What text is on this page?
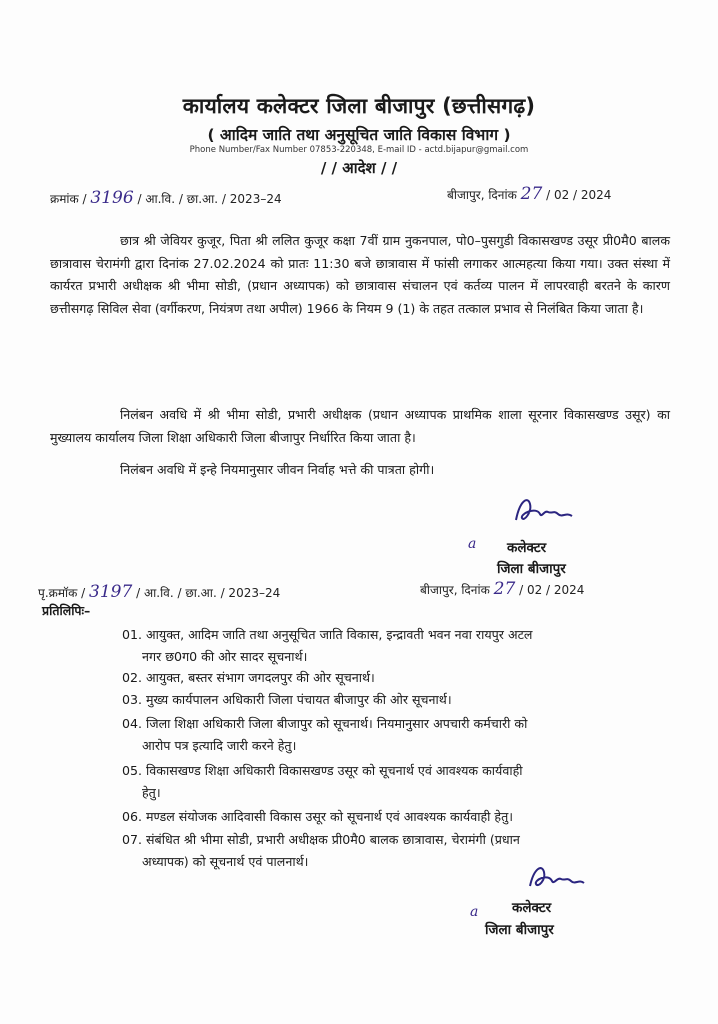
कार्यालय कलेक्टर जिला बीजापुर (छत्तीसगढ़)
( आदिम जाति तथा अनुसूचित जाति विकास विभाग )
Phone Number/Fax Number 07853-220348, E-mail ID - actd.bijapur@gmail.com
/ / आदेश / /
क्रमांक / 3196 / आ.वि. / छा.आ. / 2023–24	बीजापुर, दिनांक 27 / 02 / 2024

छात्र श्री जेवियर कुजूर, पिता श्री ललित कुजूर कक्षा 7वीं ग्राम नुकनपाल, पो0–पुसगुडी विकासखण्ड उसूर प्री0मै0 बालक छात्रावास चेरामंगी द्वारा दिनांक 27.02.2024 को प्रातः 11:30 बजे छात्रावास में फांसी लगाकर आत्महत्या किया गया। उक्त संस्था में कार्यरत प्रभारी अधीक्षक श्री भीमा सोडी, (प्रधान अध्यापक) को छात्रावास संचालन एवं कर्तव्य पालन में लापरवाही बरतने के कारण छत्तीसगढ़ सिविल सेवा (वर्गीकरण, नियंत्रण तथा अपील) 1966 के नियम 9 (1) के तहत तत्काल प्रभाव से निलंबित किया जाता है।

निलंबन अवधि में श्री भीमा सोडी, प्रभारी अधीक्षक (प्रधान अध्यापक प्राथमिक शाला सूरनार विकासखण्ड उसूर) का मुख्यालय कार्यालय जिला शिक्षा अधिकारी जिला बीजापुर निर्धारित किया जाता है।

निलंबन अवधि में इन्हे नियमानुसार जीवन निर्वाह भत्ते की पात्रता होगी।

a कलेक्टर
जिला बीजापुर
पृ.क्रमॉक / 3197 / आ.वि. / छा.आ. / 2023–24	बीजापुर, दिनांक 27 / 02 / 2024
प्रतिलिपिः–
01. आयुक्त, आदिम जाति तथा अनुसूचित जाति विकास, इन्द्रावती भवन नवा रायपुर अटल
नगर छ0ग0 की ओर सादर सूचनार्थ।
02. आयुक्त, बस्तर संभाग जगदलपुर की ओर सूचनार्थ।
03. मुख्य कार्यपालन अधिकारी जिला पंचायत बीजापुर की ओर सूचनार्थ।
04. जिला शिक्षा अधिकारी जिला बीजापुर को सूचनार्थ। नियमानुसार अपचारी कर्मचारी को
आरोप पत्र इत्यादि जारी करने हेतु।
05. विकासखण्ड शिक्षा अधिकारी विकासखण्ड उसूर को सूचनार्थ एवं आवश्यक कार्यवाही
हेतु।
06. मण्डल संयोजक आदिवासी विकास उसूर को सूचनार्थ एवं आवश्यक कार्यवाही हेतु।
07. संबंधित श्री भीमा सोडी, प्रभारी अधीक्षक प्री0मै0 बालक छात्रावास, चेरामंगी (प्रधान
अध्यापक) को सूचनार्थ एवं पालनार्थ।
a कलेक्टर
जिला बीजापुर
